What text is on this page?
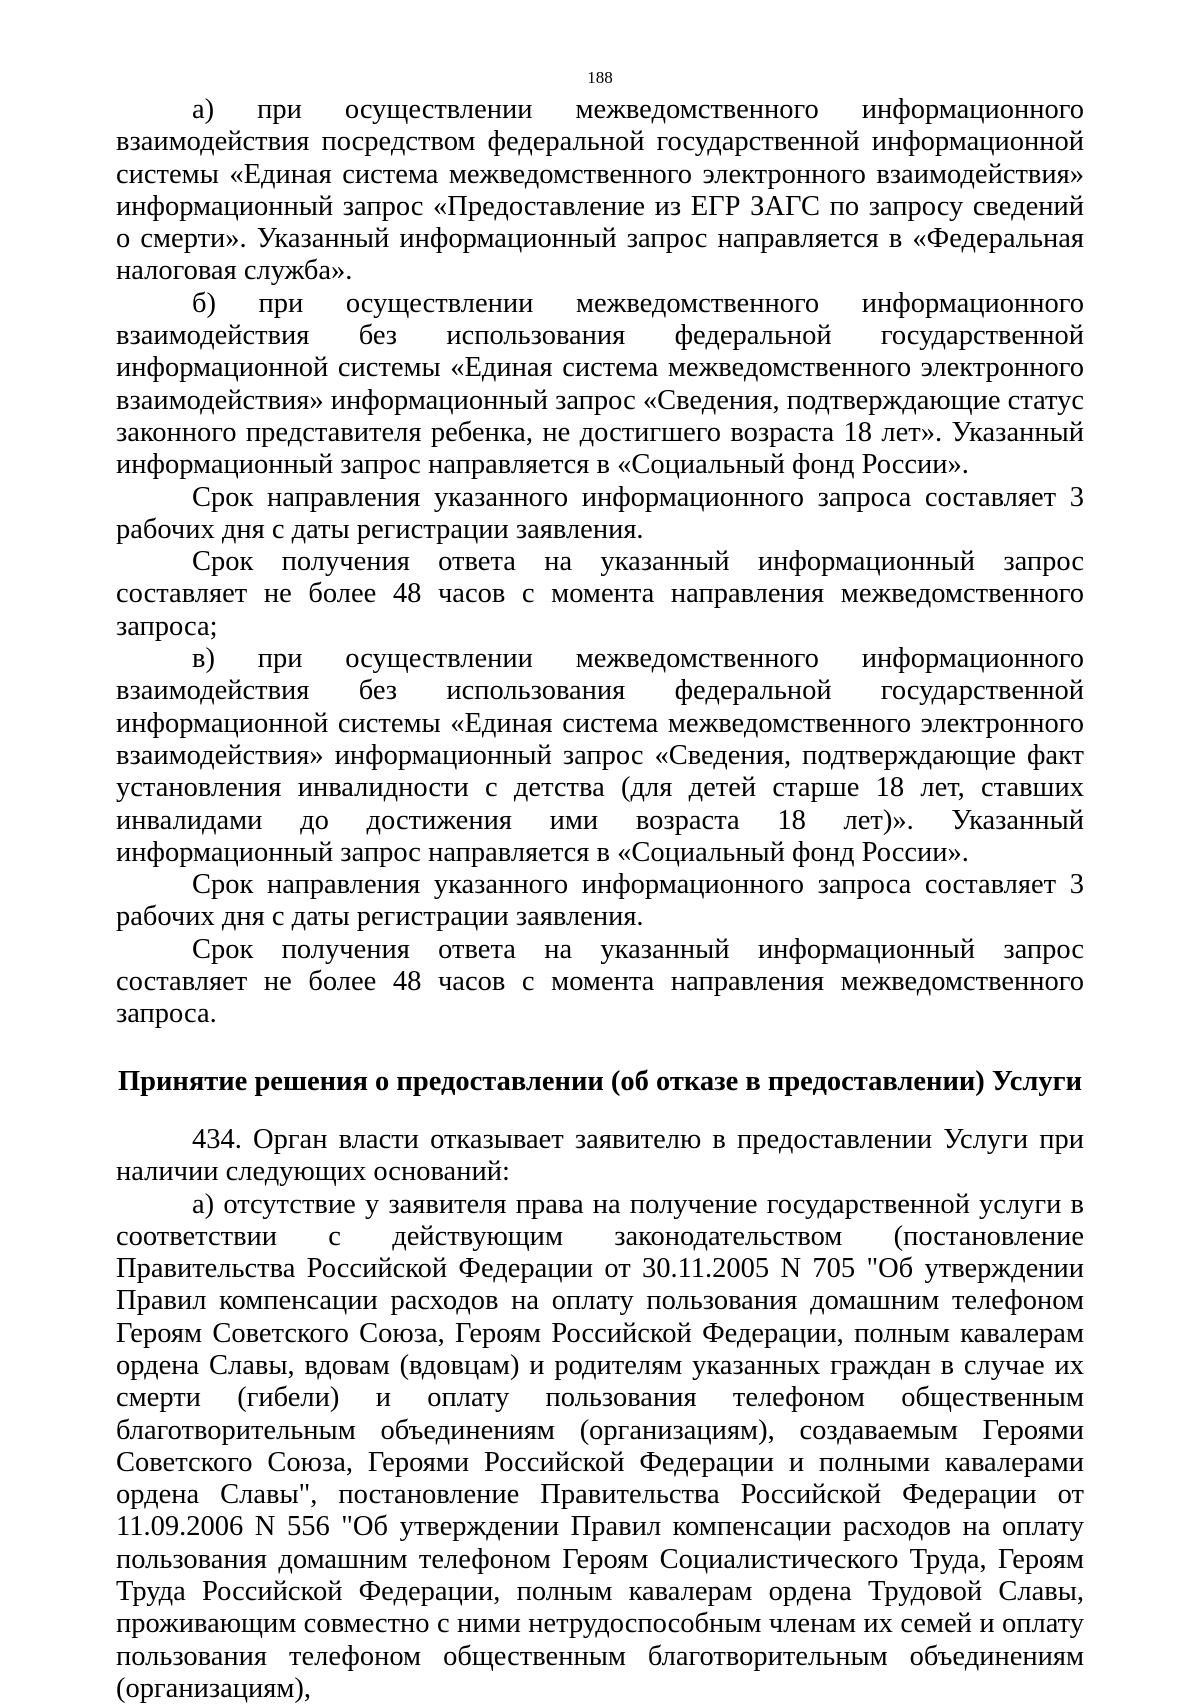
188

а) при осуществлении межведомственного информационного взаимодействия посредством федеральной государственной информационной системы «Единая система межведомственного электронного взаимодействия» информационный запрос «Предоставление из ЕГР ЗАГС по запросу сведений о смерти». Указанный информационный запрос направляется в «Федеральная налоговая служба».

б) при осуществлении межведомственного информационного взаимодействия без использования федеральной государственной информационной системы «Единая система межведомственного электронного взаимодействия» информационный запрос «Сведения, подтверждающие статус законного представителя ребенка, не достигшего возраста 18 лет». Указанный информационный запрос направляется в «Социальный фонд России».

Срок направления указанного информационного запроса составляет 3 рабочих дня с даты регистрации заявления.

Срок получения ответа на указанный информационный запрос составляет не более 48 часов с момента направления межведомственного запроса;

в) при осуществлении межведомственного информационного взаимодействия без использования федеральной государственной информационной системы «Единая система межведомственного электронного взаимодействия» информационный запрос «Сведения, подтверждающие факт установления инвалидности с детства (для детей старше 18 лет, ставших инвалидами до достижения ими возраста 18 лет)». Указанный информационный запрос направляется в «Социальный фонд России».

Срок направления указанного информационного запроса составляет 3 рабочих дня с даты регистрации заявления.

Срок получения ответа на указанный информационный запрос составляет не более 48 часов с момента направления межведомственного запроса.

Принятие решения о предоставлении (об отказе в предоставлении) Услуги

434. Орган власти отказывает заявителю в предоставлении Услуги при наличии следующих оснований:

а) отсутствие у заявителя права на получение государственной услуги в соответствии с действующим законодательством (постановление Правительства Российской Федерации от 30.11.2005 N 705 "Об утверждении Правил компенсации расходов на оплату пользования домашним телефоном Героям Советского Союза, Героям Российской Федерации, полным кавалерам ордена Славы, вдовам (вдовцам) и родителям указанных граждан в случае их смерти (гибели) и оплату пользования телефоном общественным благотворительным объединениям (организациям), создаваемым Героями Советского Союза, Героями Российской Федерации и полными кавалерами ордена Славы", постановление Правительства Российской Федерации от 11.09.2006 N 556 "Об утверждении Правил компенсации расходов на оплату пользования домашним телефоном Героям Социалистического Труда, Героям Труда Российской Федерации, полным кавалерам ордена Трудовой Славы, проживающим совместно с ними нетрудоспособным членам их семей и оплату пользования телефоном общественным благотворительным объединениям (организациям),
